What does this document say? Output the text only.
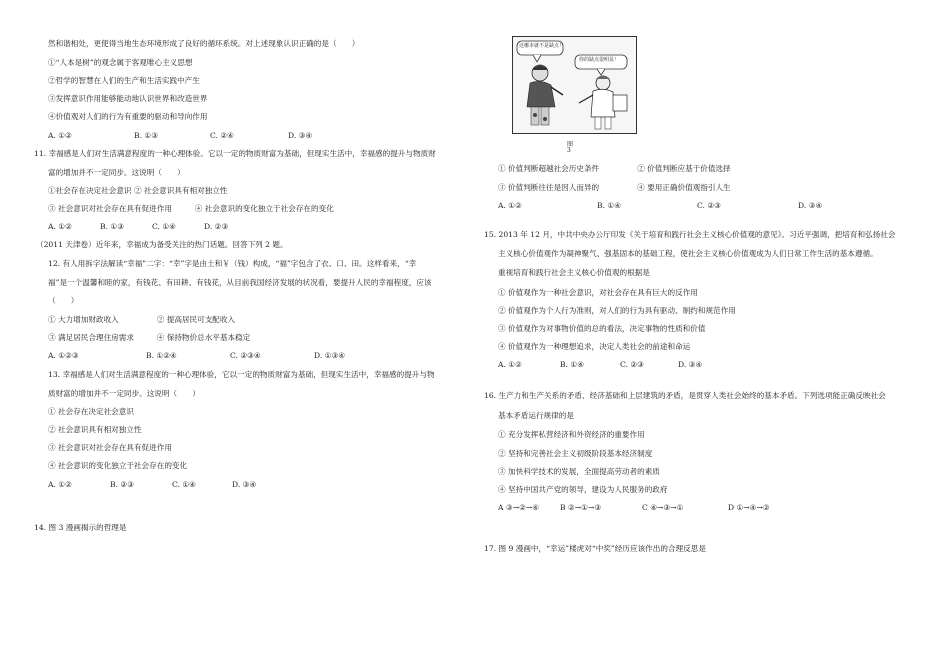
然和谐相处，更使得当地生态环境形成了良好的循环系统。对上述现象认识正确的是（　　）
①“人本是树”的观念属于客观唯心主义思想
②哲学的智慧在人们的生产和生活实践中产生
③发挥意识作用能够能动地认识世界和改造世界
④价值观对人们的行为有重要的驱动和导向作用
A. ①②	B. ①③	C. ②④	D. ③④
11. 幸福感是人们对生活满意程度的一种心理体验。它以一定的物质财富为基础，但现实生活中，幸福感的提升与物质财
富的增加并不一定同步。这说明（　　）
①社会存在决定社会意识 ② 社会意识具有相对独立性
③ 社会意识对社会存在具有促进作用　　　④ 社会意识的变化独立于社会存在的变化
A. ①②	B. ①③	C. ①④	D. ②③
（2011 天津卷）近年来，幸福成为备受关注的热门话题。回答下列 2 题。
12. 有人用拆字法解读“幸福”二字：“幸”字是由土和￥（钱）构成，“福”字包含了衣、口、田。这样看来，“幸
福”是一个温馨和睦的家，有钱花、有田耕、有钱花，从目前我国经济发展的状况看，要提升人民的幸福程度，应该
（　　）
① 大力增加财政收入　　　　　② 提高居民可支配收入
③ 满足居民合理住房需求　　　④ 保持物价总水平基本稳定
A. ①②③	B. ①②④	C. ②③④	D. ①③④
13. 幸福感是人们对生活满意程度的一种心理体验，它以一定的物质财富为基础，但现实生活中，幸福感的提升与物
质财富的增加并不一定同步。这说明（　　）
① 社会存在决定社会意识
② 社会意识具有相对独立性
③ 社会意识对社会存在具有促进作用
④ 社会意识的变化独立于社会存在的变化
A. ①②	B. ②③	C. ①④	D. ③④
14. 图 3 漫画揭示的哲理是
这哪本就不是缺点！
你的缺点很明显！
图 3
① 价值判断超越社会历史条件　　　　　② 价值判断应基于价值选择
③ 价值判断往往是因人而异的　　　　　④ 要用正确价值观指引人生
A. ①②	B. ①④	C. ②③	D. ③④
15. 2013 年 12 月，中共中央办公厅印发《关于培育和践行社会主义核心价值观的意见》。习近平强调，把培育和弘扬社会
主义核心价值观作为凝神聚气、强基固本的基础工程，使社会主义核心价值观成为人们日常工作生活的基本遵循。
重视培育和践行社会主义核心价值观的根据是
① 价值观作为一种社会意识，对社会存在具有巨大的反作用
② 价值观作为个人行为准则，对人们的行为具有驱动、制约和规范作用
③ 价值观作为对事物价值的总的看法，决定事物的性质和价值
④ 价值观作为一种理想追求，决定人类社会的前途和命运
A. ①②	B. ①④	C. ②③	D. ③④
16. 生产力和生产关系的矛盾、经济基础和上层建筑的矛盾，是贯穿人类社会始终的基本矛盾。下列选项能正确反映社会
基本矛盾运行规律的是
① 充分发挥私营经济和外资经济的重要作用
② 坚持和完善社会主义初级阶段基本经济制度
③ 加快科学技术的发展，全面提高劳动者的素质
④ 坚持中国共产党的领导，建设为人民服务的政府
A ③→②→④	B ②→①→③	C ④→③→①	D ①→④→②
17. 图 9 漫画中，“幸运”楼虎对“中奖”经历应该作出的合理反思是
